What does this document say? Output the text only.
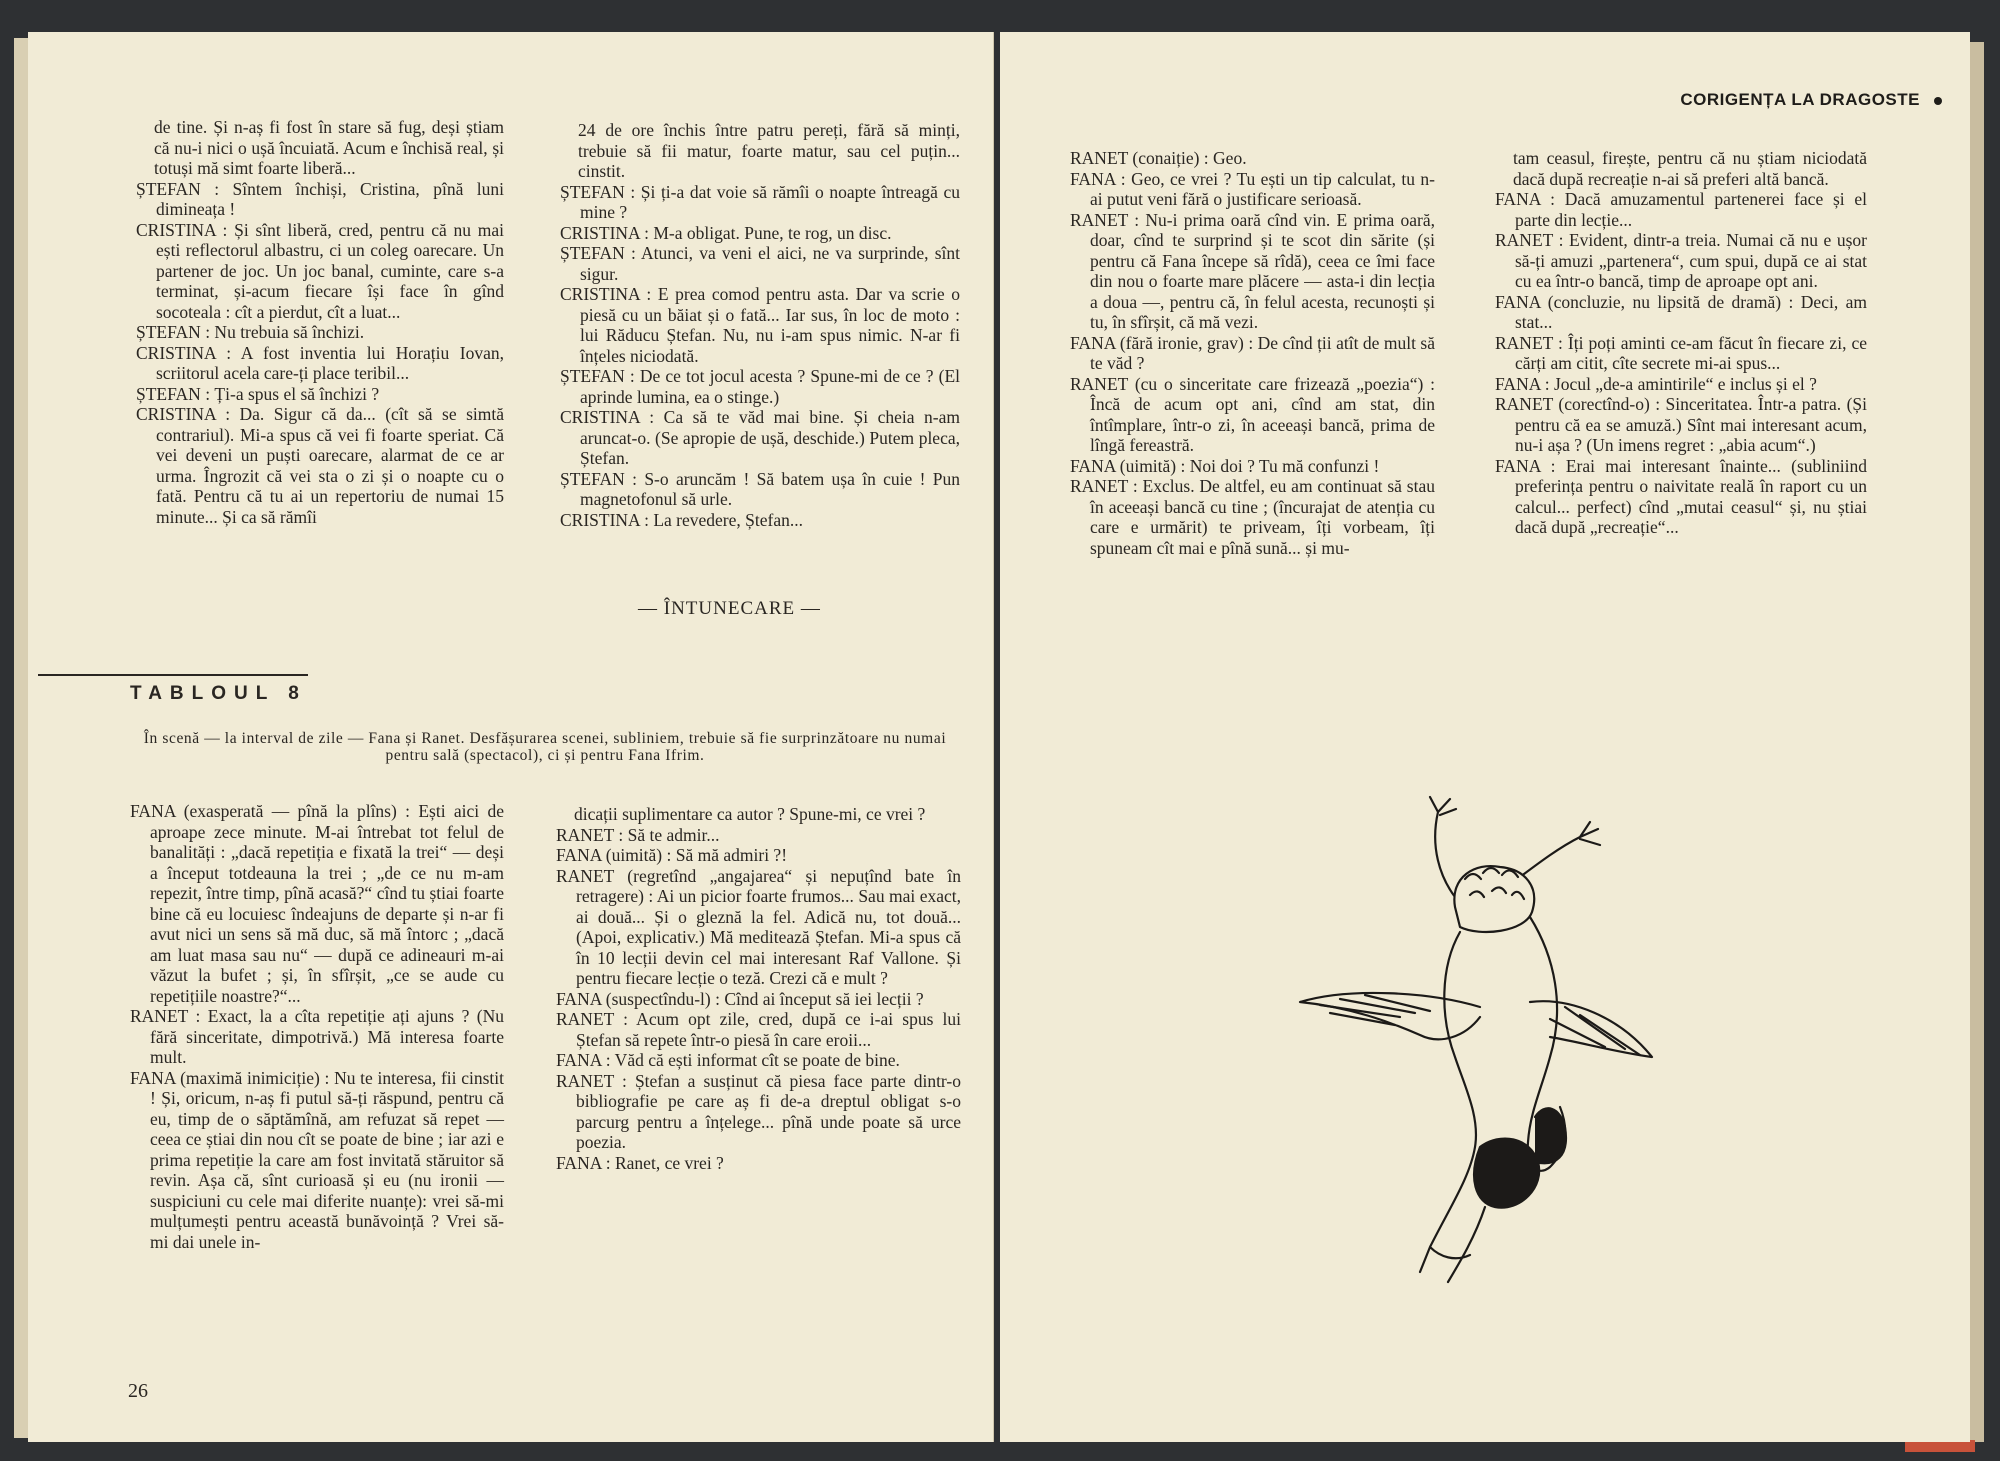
de tine. Și n-aș fi fost în stare să fug, deși știam că nu-i nici o ușă încuiată. Acum e închisă real, și totuși mă simt foarte liberă...

ȘTEFAN : Sîntem închiși, Cristina, pînă luni dimineața !

CRISTINA : Și sînt liberă, cred, pentru că nu mai ești reflectorul albastru, ci un coleg oarecare. Un partener de joc. Un joc banal, cuminte, care s-a terminat, și-acum fiecare își face în gînd socoteala : cît a pierdut, cît a luat...

ȘTEFAN : Nu trebuia să închizi.

CRISTINA : A fost inventia lui Horațiu Iovan, scriitorul acela care-ți place teribil...

ȘTEFAN : Ți-a spus el să închizi ?

CRISTINA : Da. Sigur că da... (cît să se simtă contrariul). Mi-a spus că vei fi foarte speriat. Că vei deveni un puști oarecare, alarmat de ce ar urma. Îngrozit că vei sta o zi și o noapte cu o fată. Pentru că tu ai un repertoriu de numai 15 minute... Și ca să rămîi

24 de ore închis între patru pereți, fără să minți, trebuie să fii matur, foarte matur, sau cel puțin... cinstit.

ȘTEFAN : Și ți-a dat voie să rămîi o noapte întreagă cu mine ?

CRISTINA : M-a obligat. Pune, te rog, un disc.

ȘTEFAN : Atunci, va veni el aici, ne va surprinde, sînt sigur.

CRISTINA : E prea comod pentru asta. Dar va scrie o piesă cu un băiat și o fată... Iar sus, în loc de moto : lui Răducu Ștefan. Nu, nu i-am spus nimic. N-ar fi înțeles niciodată.

ȘTEFAN : De ce tot jocul acesta ? Spune-mi de ce ? (El aprinde lumina, ea o stinge.)

CRISTINA : Ca să te văd mai bine. Și cheia n-am aruncat-o. (Se apropie de ușă, deschide.) Putem pleca, Ștefan.

ȘTEFAN : S-o aruncăm ! Să batem ușa în cuie ! Pun magnetofonul să urle.

CRISTINA : La revedere, Ștefan...

— ÎNTUNECARE —
TABLOUL 8
În scenă — la interval de zile — Fana și Ranet. Desfășurarea scenei, subliniem, trebuie să fie surprinzătoare nu numai pentru sală (spectacol), ci și pentru Fana Ifrim.

FANA (exasperată — pînă la plîns) : Ești aici de aproape zece minute. M-ai întrebat tot felul de banalități : „dacă repetiția e fixată la trei“ — deși a început totdeauna la trei ; „de ce nu m-am repezit, între timp, pînă acasă?“ cînd tu știai foarte bine că eu locuiesc îndeajuns de departe și n-ar fi avut nici un sens să mă duc, să mă întorc ; „dacă am luat masa sau nu“ — după ce adineauri m-ai văzut la bufet ; și, în sfîrșit, „ce se aude cu repetițiile noastre?“...

RANET : Exact, la a cîta repetiție ați ajuns ? (Nu fără sinceritate, dimpotrivă.) Mă interesa foarte mult.

FANA (maximă inimiciție) : Nu te interesa, fii cinstit ! Și, oricum, n-aș fi putul să-ți răspund, pentru că eu, timp de o săptămînă, am refuzat să repet — ceea ce știai din nou cît se poate de bine ; iar azi e prima repetiție la care am fost invitată stăruitor să revin. Așa că, sînt curioasă și eu (nu ironii — suspiciuni cu cele mai diferite nuanțe): vrei să-mi mulțumești pentru această bunăvoință ? Vrei să-mi dai unele in-

dicații suplimentare ca autor ? Spune-mi, ce vrei ?

RANET : Să te admir...

FANA (uimită) : Să mă admiri ?!

RANET (regretînd „angajarea“ și nepuțînd bate în retragere) : Ai un picior foarte frumos... Sau mai exact, ai două... Și o gleznă la fel. Adică nu, tot două... (Apoi, explicativ.) Mă meditează Ștefan. Mi-a spus că în 10 lecții devin cel mai interesant Raf Vallone. Și pentru fiecare lecție o teză. Crezi că e mult ?

FANA (suspectîndu-l) : Cînd ai început să iei lecții ?

RANET : Acum opt zile, cred, după ce i-ai spus lui Ștefan să repete într-o piesă în care eroii...

FANA : Văd că ești informat cît se poate de bine.

RANET : Ștefan a susținut că piesa face parte dintr-o bibliografie pe care aș fi de-a dreptul obligat s-o parcurg pentru a înțelege... pînă unde poate să urce poezia.

FANA : Ranet, ce vrei ?

26
CORIGENȚA LA DRAGOSTE

RANET (conaiție) : Geo.

FANA : Geo, ce vrei ? Tu ești un tip calculat, tu n-ai putut veni fără o justificare serioasă.

RANET : Nu-i prima oară cînd vin. E prima oară, doar, cînd te surprind și te scot din sărite (și pentru că Fana începe să rîdă), ceea ce îmi face din nou o foarte mare plăcere — asta-i din lecția a doua —, pentru că, în felul acesta, recunoști și tu, în sfîrșit, că mă vezi.

FANA (fără ironie, grav) : De cînd ții atît de mult să te văd ?

RANET (cu o sinceritate care frizează „poezia“) : Încă de acum opt ani, cînd am stat, din întîmplare, într-o zi, în aceeași bancă, prima de lîngă fereastră.

FANA (uimită) : Noi doi ? Tu mă confunzi !

RANET : Exclus. De altfel, eu am continuat să stau în aceeași bancă cu tine ; (încurajat de atenția cu care e urmărit) te priveam, îți vorbeam, îți spuneam cît mai e pînă sună... și mu-

tam ceasul, firește, pentru că nu știam niciodată dacă după recreație n-ai să preferi altă bancă.

FANA : Dacă amuzamentul partenerei face și el parte din lecție...

RANET : Evident, dintr-a treia. Numai că nu e ușor să-ți amuzi „partenera“, cum spui, după ce ai stat cu ea într-o bancă, timp de aproape opt ani.

FANA (concluzie, nu lipsită de dramă) : Deci, am stat...

RANET : Îți poți aminti ce-am făcut în fiecare zi, ce cărți am citit, cîte secrete mi-ai spus...

FANA : Jocul „de-a amintirile“ e inclus și el ?

RANET (corectînd-o) : Sinceritatea. Într-a patra. (Și pentru că ea se amuză.) Sînt mai interesant acum, nu-i așa ? (Un imens regret : „abia acum“.)

FANA : Erai mai interesant înainte... (subliniind preferința pentru o naivitate reală în raport cu un calcul... perfect) cînd „mutai ceasul“ și, nu știai dacă după „recreație“...
